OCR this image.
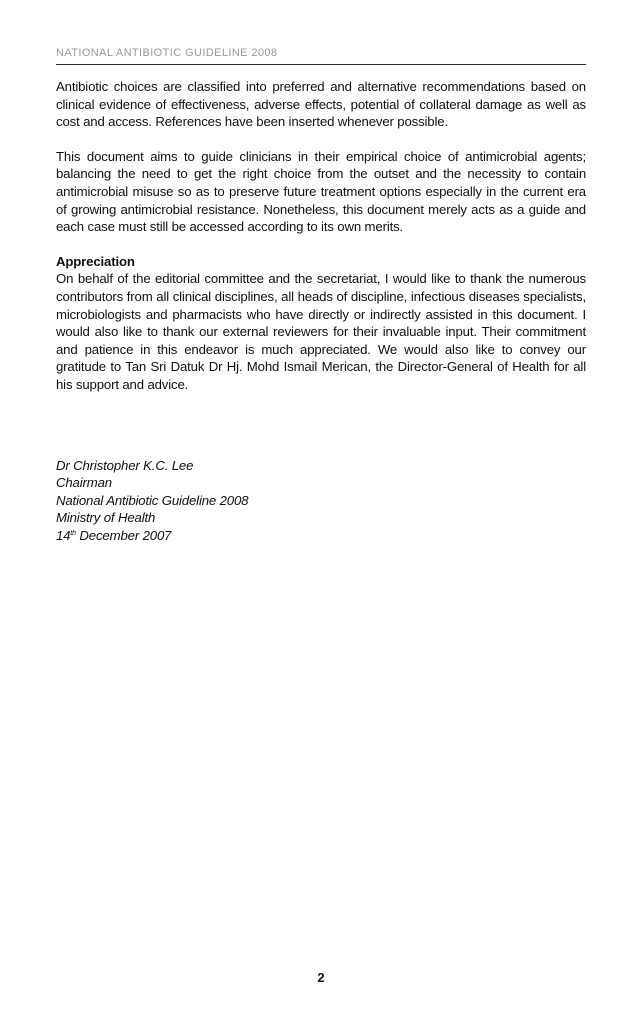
NATIONAL ANTIBIOTIC GUIDELINE 2008

Antibiotic choices are classified into preferred and alternative recommendations based on clinical evidence of effectiveness, adverse effects, potential of collateral damage as well as cost and access. References have been inserted whenever possible.

This document aims to guide clinicians in their empirical choice of antimicrobial agents; balancing the need to get the right choice from the outset and the necessity to contain antimicrobial misuse so as to preserve future treatment options especially in the current era of growing antimicrobial resistance. Nonetheless, this document merely acts as a guide and each case must still be accessed according to its own merits.

Appreciation

On behalf of the editorial committee and the secretariat, I would like to thank the numerous contributors from all clinical disciplines, all heads of discipline, infectious diseases specialists, microbiologists and pharmacists who have directly or indirectly assisted in this document. I would also like to thank our external reviewers for their invaluable input. Their commitment and patience in this endeavor is much appreciated. We would also like to convey our gratitude to Tan Sri Datuk Dr Hj. Mohd Ismail Merican, the Director-General of Health for all his support and advice.

Dr Christopher K.C. Lee

Chairman

National Antibiotic Guideline 2008

Ministry of Health

14th December 2007

2
